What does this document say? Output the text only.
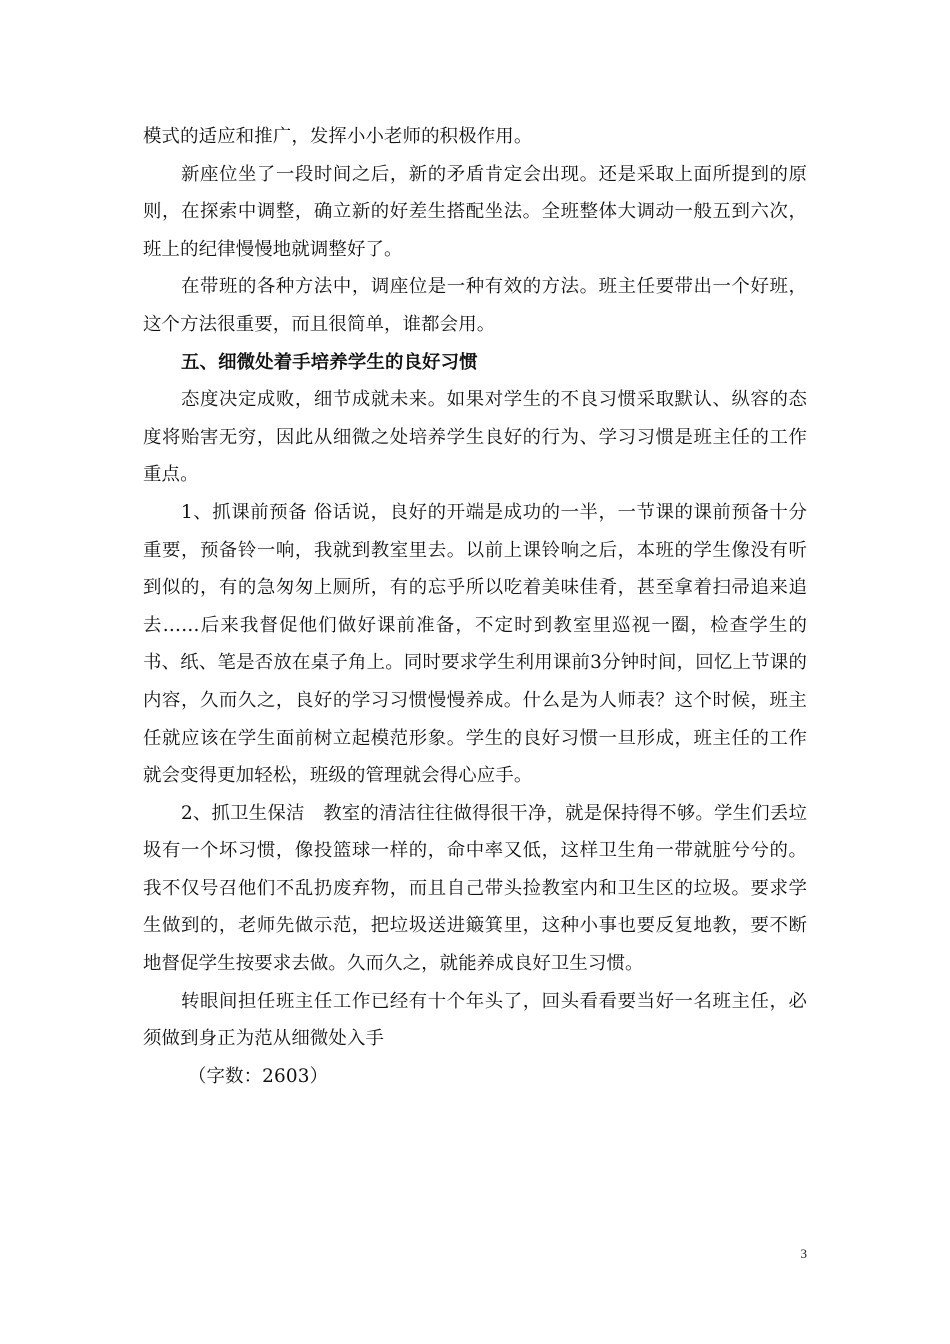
模式的适应和推广，发挥小小老师的积极作用。

新座位坐了一段时间之后，新的矛盾肯定会出现。还是采取上面所提到的原则，在探索中调整，确立新的好差生搭配坐法。全班整体大调动一般五到六次，班上的纪律慢慢地就调整好了。

在带班的各种方法中，调座位是一种有效的方法。班主任要带出一个好班，这个方法很重要，而且很简单，谁都会用。

五、细微处着手培养学生的良好习惯

态度决定成败，细节成就未来。如果对学生的不良习惯采取默认、纵容的态度将贻害无穷，因此从细微之处培养学生良好的行为、学习习惯是班主任的工作重点。

1、抓课前预备 俗话说，良好的开端是成功的一半，一节课的课前预备十分重要，预备铃一响，我就到教室里去。以前上课铃响之后，本班的学生像没有听到似的，有的急匆匆上厕所，有的忘乎所以吃着美味佳肴，甚至拿着扫帚追来追去……后来我督促他们做好课前准备，不定时到教室里巡视一圈，检查学生的书、纸、笔是否放在桌子角上。同时要求学生利用课前3分钟时间，回忆上节课的内容，久而久之，良好的学习习惯慢慢养成。什么是为人师表？这个时候，班主任就应该在学生面前树立起模范形象。学生的良好习惯一旦形成，班主任的工作就会变得更加轻松，班级的管理就会得心应手。

2、抓卫生保洁　教室的清洁往往做得很干净，就是保持得不够。学生们丢垃圾有一个坏习惯，像投篮球一样的，命中率又低，这样卫生角一带就脏兮兮的。我不仅号召他们不乱扔废弃物，而且自己带头捡教室内和卫生区的垃圾。要求学生做到的，老师先做示范，把垃圾送进簸箕里，这种小事也要反复地教，要不断地督促学生按要求去做。久而久之，就能养成良好卫生习惯。

转眼间担任班主任工作已经有十个年头了，回头看看要当好一名班主任，必须做到身正为范从细微处入手

（字数：2603）

3
